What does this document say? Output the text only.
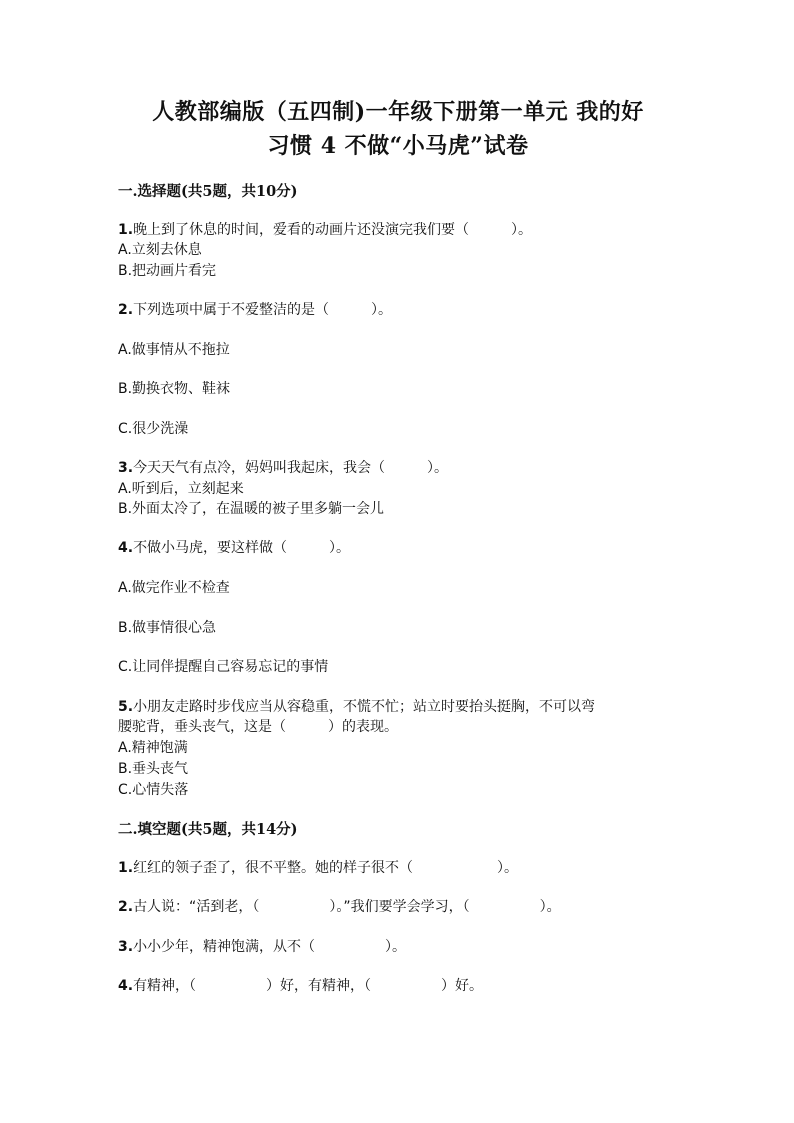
人教部编版（五四制)一年级下册第一单元 我的好
习惯 4 不做“小马虎”试卷
一.选择题(共5题，共10分)
1.晚上到了休息的时间，爱看的动画片还没演完我们要（　　　）。
A.立刻去休息
B.把动画片看完
2.下列选项中属于不爱整洁的是（　　　）。
A.做事情从不拖拉
B.勤换衣物、鞋袜
C.很少洗澡
3.今天天气有点冷，妈妈叫我起床，我会（　　　）。
A.听到后，立刻起来
B.外面太冷了，在温暖的被子里多躺一会儿
4.不做小马虎，要这样做（　　　）。
A.做完作业不检查
B.做事情很心急
C.让同伴提醒自己容易忘记的事情
5.小朋友走路时步伐应当从容稳重，不慌不忙；站立时要抬头挺胸，不可以弯
腰驼背，垂头丧气，这是（　　　）的表现。
A.精神饱满
B.垂头丧气
C.心情失落
二.填空题(共5题，共14分)
1.红红的领子歪了，很不平整。她的样子很不（　　　　　　）。
2.古人说：“活到老，（　　　　　）。”我们要学会学习，（　　　　　）。
3.小小少年，精神饱满，从不（　　　　　）。
4.有精神，（　　　　　）好，有精神，（　　　　　）好。
